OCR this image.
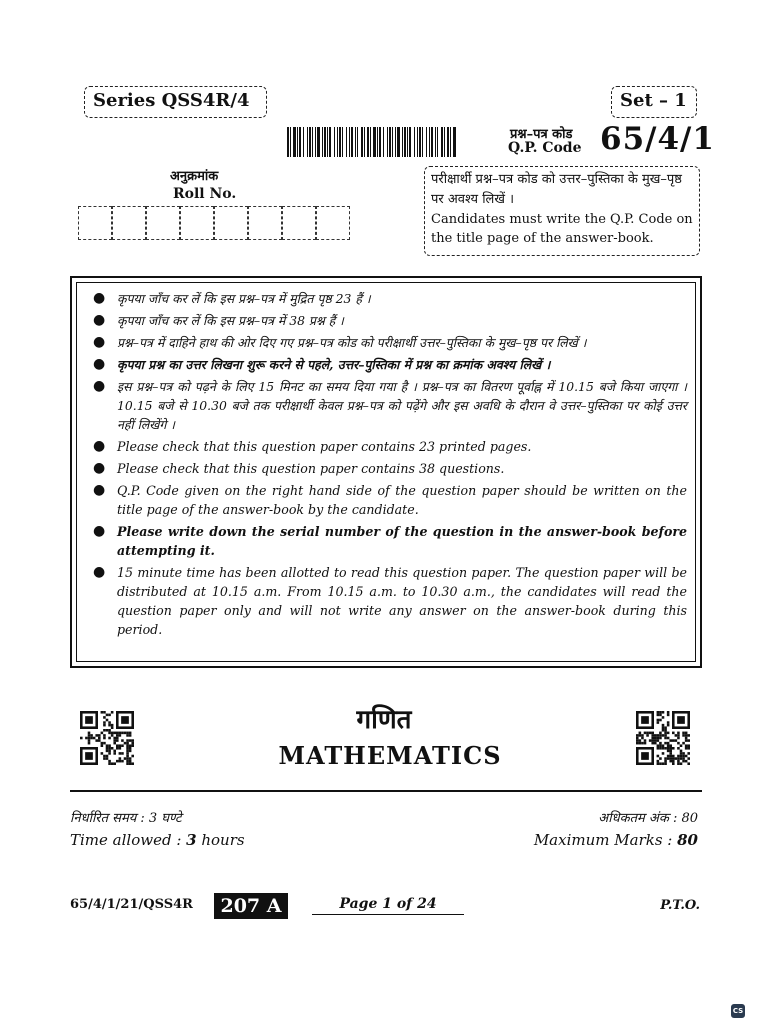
Series QSS4R/4	Set – 1
प्रश्न–पत्र कोड
Q.P. Code 65/4/1
अनुक्रमांक
Roll No.
परीक्षार्थी प्रश्न–पत्र कोड को उत्तर–पुस्तिका के मुख–पृष्ठ पर अवश्य लिखें ।
Candidates must write the Q.P. Code on the title page of the answer-book.
● कृपया जाँच कर लें कि इस प्रश्न–पत्र में मुद्रित पृष्ठ 23 हैं ।
● कृपया जाँच कर लें कि इस प्रश्न–पत्र में 38 प्रश्न हैं ।
● प्रश्न–पत्र में दाहिने हाथ की ओर दिए गए प्रश्न–पत्र कोड को परीक्षार्थी उत्तर–पुस्तिका के मुख–पृष्ठ पर लिखें ।
● कृपया प्रश्न का उत्तर लिखना शुरू करने से पहले, उत्तर–पुस्तिका में प्रश्न का क्रमांक अवश्य लिखें ।
● इस प्रश्न–पत्र को पढ़ने के लिए 15 मिनट का समय दिया गया है । प्रश्न–पत्र का वितरण पूर्वाह्न में 10.15 बजे किया जाएगा । 10.15 बजे से 10.30 बजे तक परीक्षार्थी केवल प्रश्न–पत्र को पढ़ेंगे और इस अवधि के दौरान वे उत्तर–पुस्तिका पर कोई उत्तर नहीं लिखेंगे ।
● Please check that this question paper contains 23 printed pages.
● Please check that this question paper contains 38 questions.
● Q.P. Code given on the right hand side of the question paper should be written on the title page of the answer-book by the candidate.
● Please write down the serial number of the question in the answer-book before attempting it.
● 15 minute time has been allotted to read this question paper. The question paper will be distributed at 10.15 a.m. From 10.15 a.m. to 10.30 a.m., the candidates will read the question paper only and will not write any answer on the answer-book during this period.
गणित
MATHEMATICS
निर्धारित समय : 3 घण्टे
Time allowed : 3 hours
अधिकतम अंक : 80
Maximum Marks : 80
65/4/1/21/QSS4R	207 A	Page 1 of 24	P.T.O.
CS
